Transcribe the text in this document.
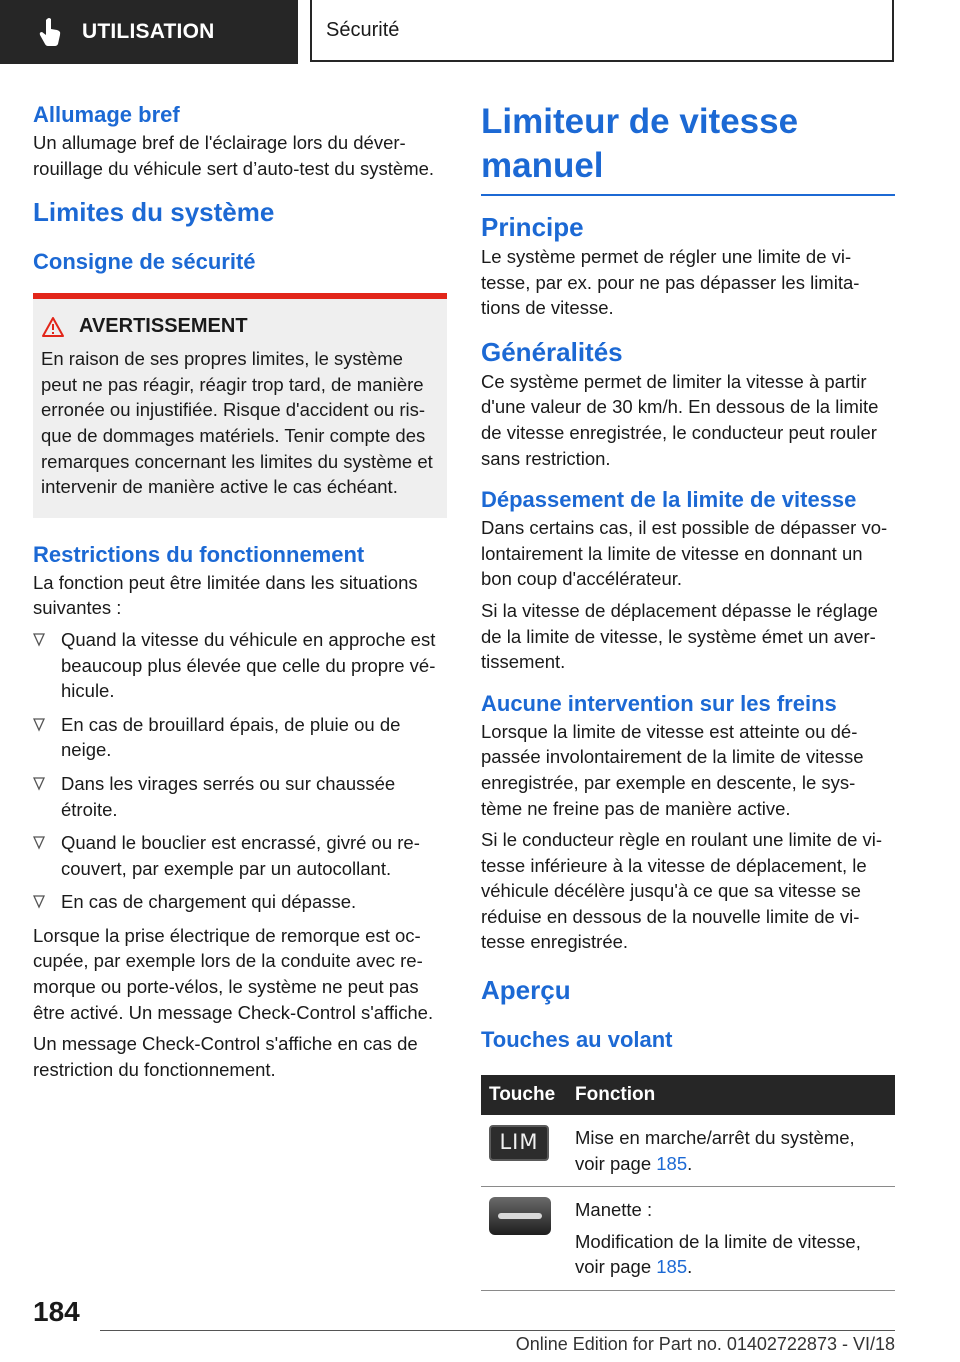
UTILISATION	Sécurité
Allumage bref

Un allumage bref de l'éclairage lors du déver-rouillage du véhicule sert d’auto-test du système.

Limites du système
Consigne de sécurité
AVERTISSEMENT

En raison de ses propres limites, le système peut ne pas réagir, réagir trop tard, de manière erronée ou injustifiée. Risque d'accident ou ris-que de dommages matériels. Tenir compte des remarques concernant les limites du système et intervenir de manière active le cas échéant.

Restrictions du fonctionnement

La fonction peut être limitée dans les situations suivantes :

Quand la vitesse du véhicule en approche est beaucoup plus élevée que celle du propre vé-hicule.
En cas de brouillard épais, de pluie ou de neige.
Dans les virages serrés ou sur chaussée étroite.
Quand le bouclier est encrassé, givré ou re-couvert, par exemple par un autocollant.
En cas de chargement qui dépasse.

Lorsque la prise électrique de remorque est oc-cupée, par exemple lors de la conduite avec re-morque ou porte-vélos, le système ne peut pas être activé. Un message Check-Control s'affiche.

Un message Check-Control s'affiche en cas de restriction du fonctionnement.

Limiteur de vitesse manuel
Principe

Le système permet de régler une limite de vi-tesse, par ex. pour ne pas dépasser les limita-tions de vitesse.

Généralités

Ce système permet de limiter la vitesse à partir d'une valeur de 30 km/h. En dessous de la limite de vitesse enregistrée, le conducteur peut rouler sans restriction.

Dépassement de la limite de vitesse

Dans certains cas, il est possible de dépasser vo-lontairement la limite de vitesse en donnant un bon coup d'accélérateur.

Si la vitesse de déplacement dépasse le réglage de la limite de vitesse, le système émet un aver-tissement.

Aucune intervention sur les freins

Lorsque la limite de vitesse est atteinte ou dé-passée involontairement de la limite de vitesse enregistrée, par exemple en descente, le sys-tème ne freine pas de manière active.

Si le conducteur règle en roulant une limite de vi-tesse inférieure à la vitesse de déplacement, le véhicule décélère jusqu'à ce que sa vitesse se réduise en dessous de la nouvelle limite de vi-tesse enregistrée.

Aperçu
Touches au volant
Touche	Fonction

LIM	Mise en marche/arrêt du système, voir page 185.

	Manette :

Modification de la limite de vitesse, voir page 185.

184
Online Edition for Part no. 01402722873 - VI/18
